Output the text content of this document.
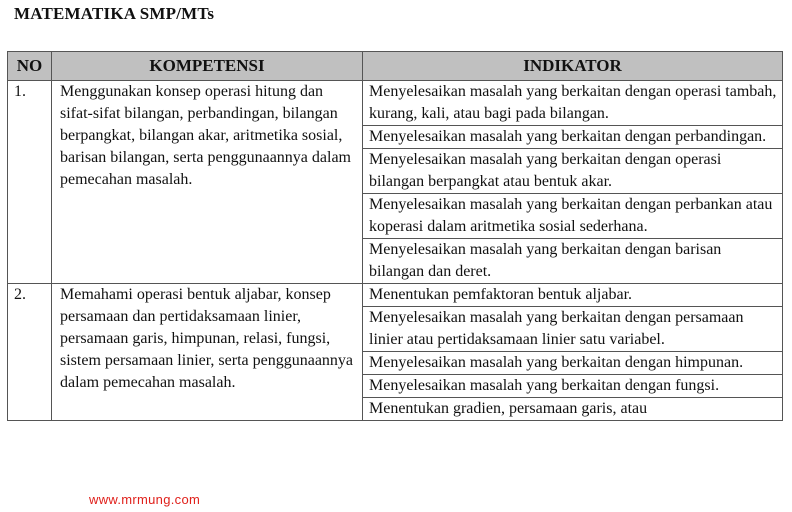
MATEMATIKA SMP/MTs
NO	KOMPETENSI	INDIKATOR
1.	Menggunakan konsep operasi hitung dan sifat-sifat bilangan, perbandingan, bilangan berpangkat, bilangan akar, aritmetika sosial, barisan bilangan, serta penggunaannya dalam pemecahan masalah.	Menyelesaikan masalah yang berkaitan dengan operasi tambah, kurang, kali, atau bagi pada bilangan.
		Menyelesaikan masalah yang berkaitan dengan perbandingan.
		Menyelesaikan masalah yang berkaitan dengan operasi bilangan berpangkat atau bentuk akar.
		Menyelesaikan masalah yang berkaitan dengan perbankan atau koperasi dalam aritmetika sosial sederhana.
		Menyelesaikan masalah yang berkaitan dengan barisan bilangan dan deret.
2.	Memahami operasi bentuk aljabar, konsep persamaan dan pertidaksamaan linier, persamaan garis, himpunan, relasi, fungsi, sistem persamaan linier, serta penggunaannya dalam pemecahan masalah.	Menentukan pemfaktoran bentuk aljabar.
		Menyelesaikan masalah yang berkaitan dengan persamaan linier atau pertidaksamaan linier satu variabel.
		Menyelesaikan masalah yang berkaitan dengan himpunan.
		Menyelesaikan masalah yang berkaitan dengan fungsi.
		Menentukan gradien, persamaan garis, atau
www.mrmung.com
